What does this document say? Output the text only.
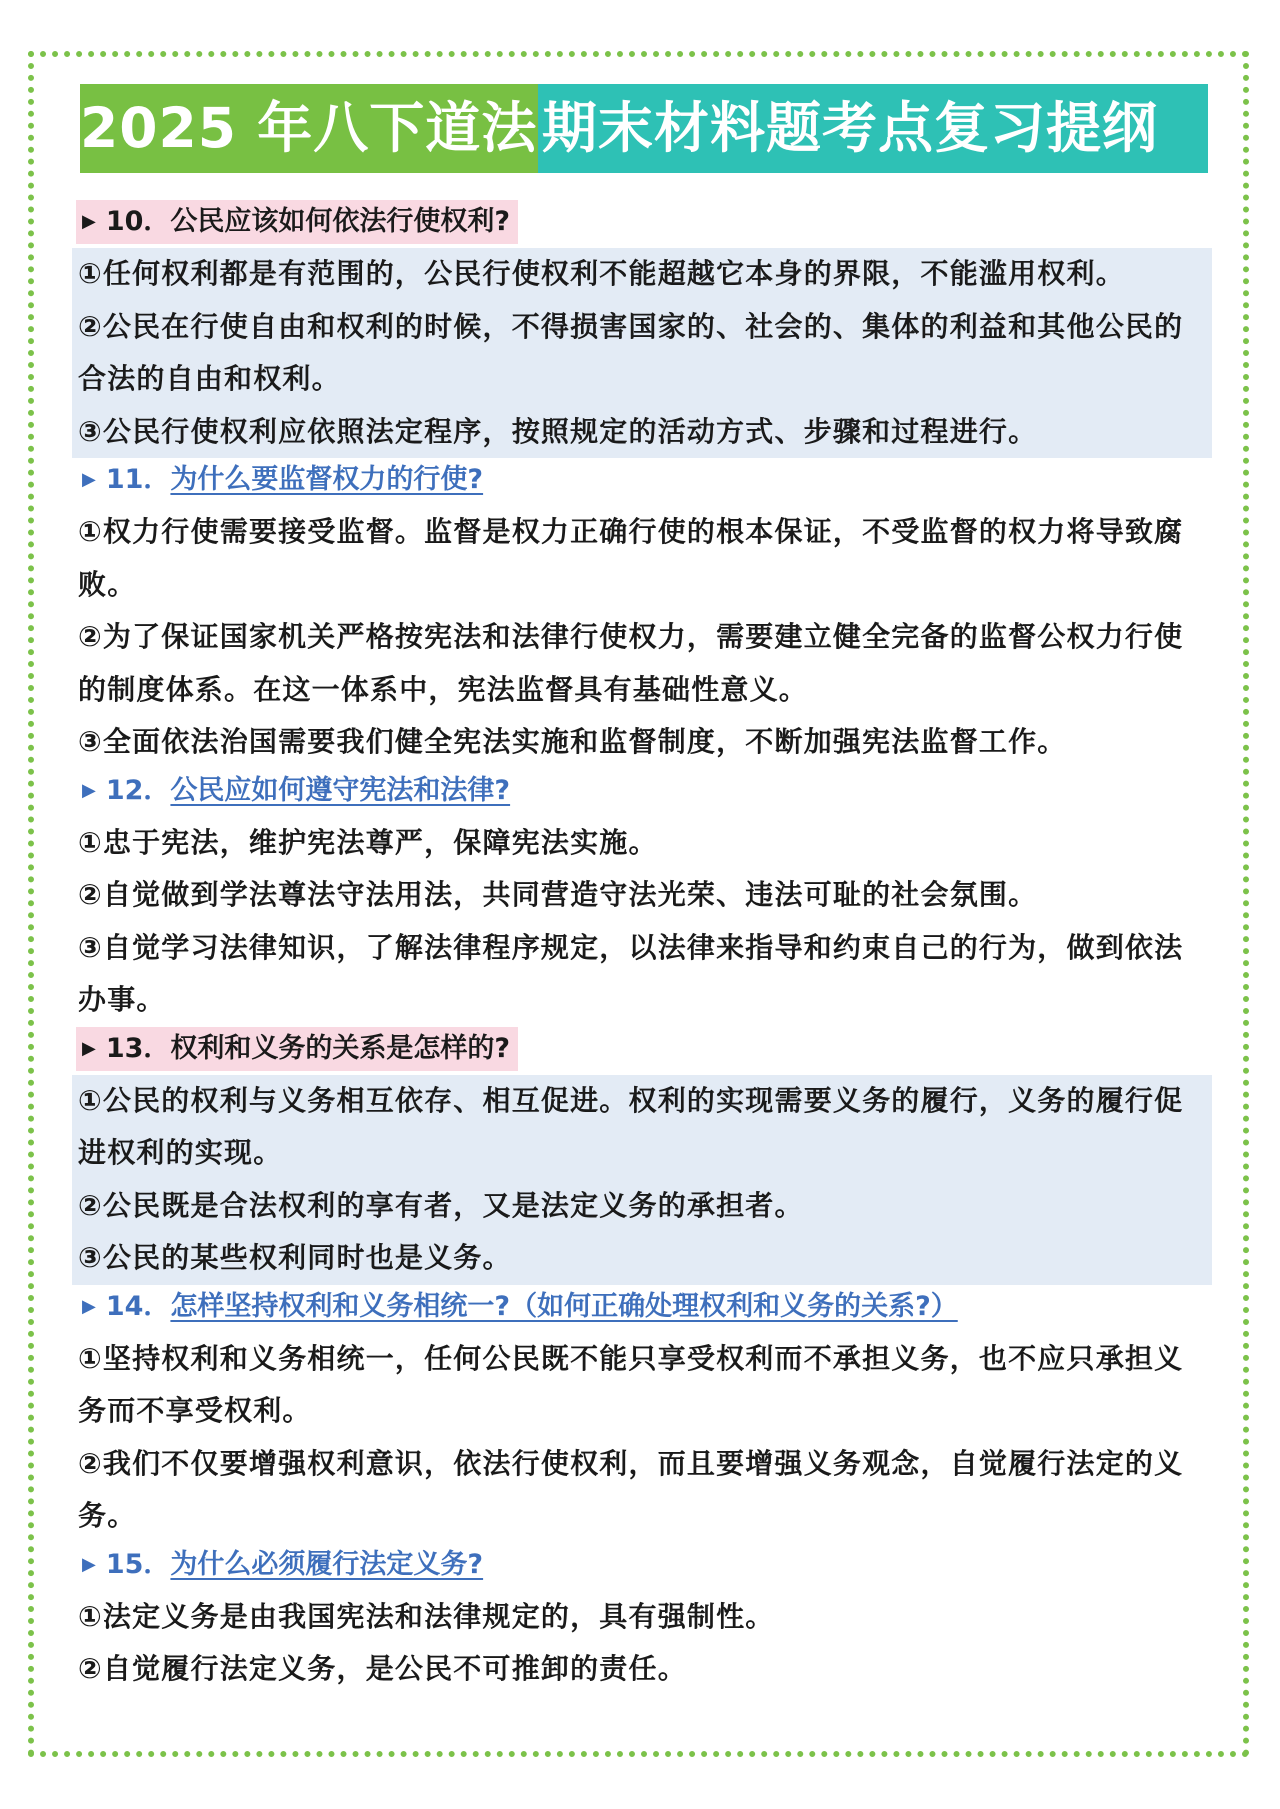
2025 年八下道法 期末材料题考点复习提纲
▶ 10．公民应该如何依法行使权利?

①任何权利都是有范围的，公民行使权利不能超越它本身的界限，不能滥用权利。

②公民在行使自由和权利的时候，不得损害国家的、社会的、集体的利益和其他公民的合法的自由和权利。

③公民行使权利应依照法定程序，按照规定的活动方式、步骤和过程进行。

▶ 11．为什么要监督权力的行使?

①权力行使需要接受监督。监督是权力正确行使的根本保证，不受监督的权力将导致腐败。

②为了保证国家机关严格按宪法和法律行使权力，需要建立健全完备的监督公权力行使的制度体系。在这一体系中，宪法监督具有基础性意义。

③全面依法治国需要我们健全宪法实施和监督制度，不断加强宪法监督工作。

▶ 12．公民应如何遵守宪法和法律?

①忠于宪法，维护宪法尊严，保障宪法实施。

②自觉做到学法尊法守法用法，共同营造守法光荣、违法可耻的社会氛围。

③自觉学习法律知识，了解法律程序规定，以法律来指导和约束自己的行为，做到依法办事。

▶ 13．权利和义务的关系是怎样的?

①公民的权利与义务相互依存、相互促进。权利的实现需要义务的履行，义务的履行促进权利的实现。

②公民既是合法权利的享有者，又是法定义务的承担者。

③公民的某些权利同时也是义务。

▶ 14．怎样坚持权利和义务相统一?（如何正确处理权利和义务的关系?）

①坚持权利和义务相统一，任何公民既不能只享受权利而不承担义务，也不应只承担义务而不享受权利。

②我们不仅要增强权利意识，依法行使权利，而且要增强义务观念，自觉履行法定的义务。

▶ 15．为什么必须履行法定义务?

①法定义务是由我国宪法和法律规定的，具有强制性。

②自觉履行法定义务，是公民不可推卸的责任。
